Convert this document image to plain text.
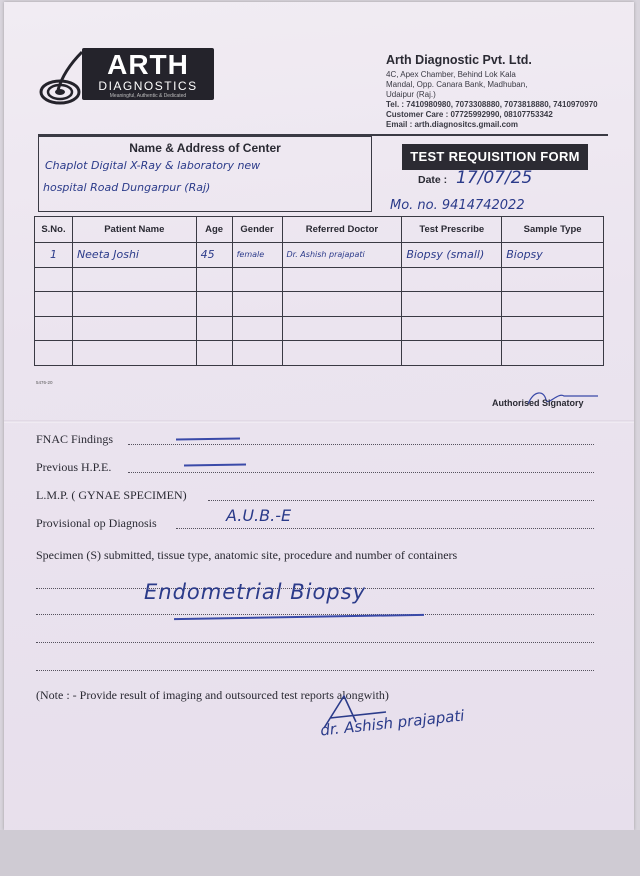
ARTH
DIAGNOSTICS
Meaningful, Authentic & Dedicated
Arth Diagnostic Pvt. Ltd.
4C, Apex Chamber, Behind Lok Kala
Mandal, Opp. Canara Bank, Madhuban,
Udaipur (Raj.)
Tel. : 7410980980, 7073308880, 7073818880, 7410970970
Customer Care : 07725992990, 08107753342
Email : arth.diagnositcs.gmail.com
Name & Address of Center
Chaplot Digital X-Ray & laboratory new
hospital Road Dungarpur (Raj)
TEST REQUISITION FORM
Date : 17/07/25
Mo. no. 9414742022
S.No.	Patient Name	Age	Gender	Referred Doctor	Test Prescribe	Sample Type
1	Neeta Joshi	45	female	Dr. Ashish prajapati	Biopsy (small)	Biopsy

5476-20
Authorised Signatory
FNAC Findings
Previous H.P.E.
L.M.P. ( GYNAE SPECIMEN)
Provisional op Diagnosis	A.U.B.-E
Specimen (S) submitted, tissue type, anatomic site, procedure and number of containers
Endometrial Biopsy
(Note : - Provide result of imaging and outsourced test reports alongwith)
dr. Ashish prajapati
